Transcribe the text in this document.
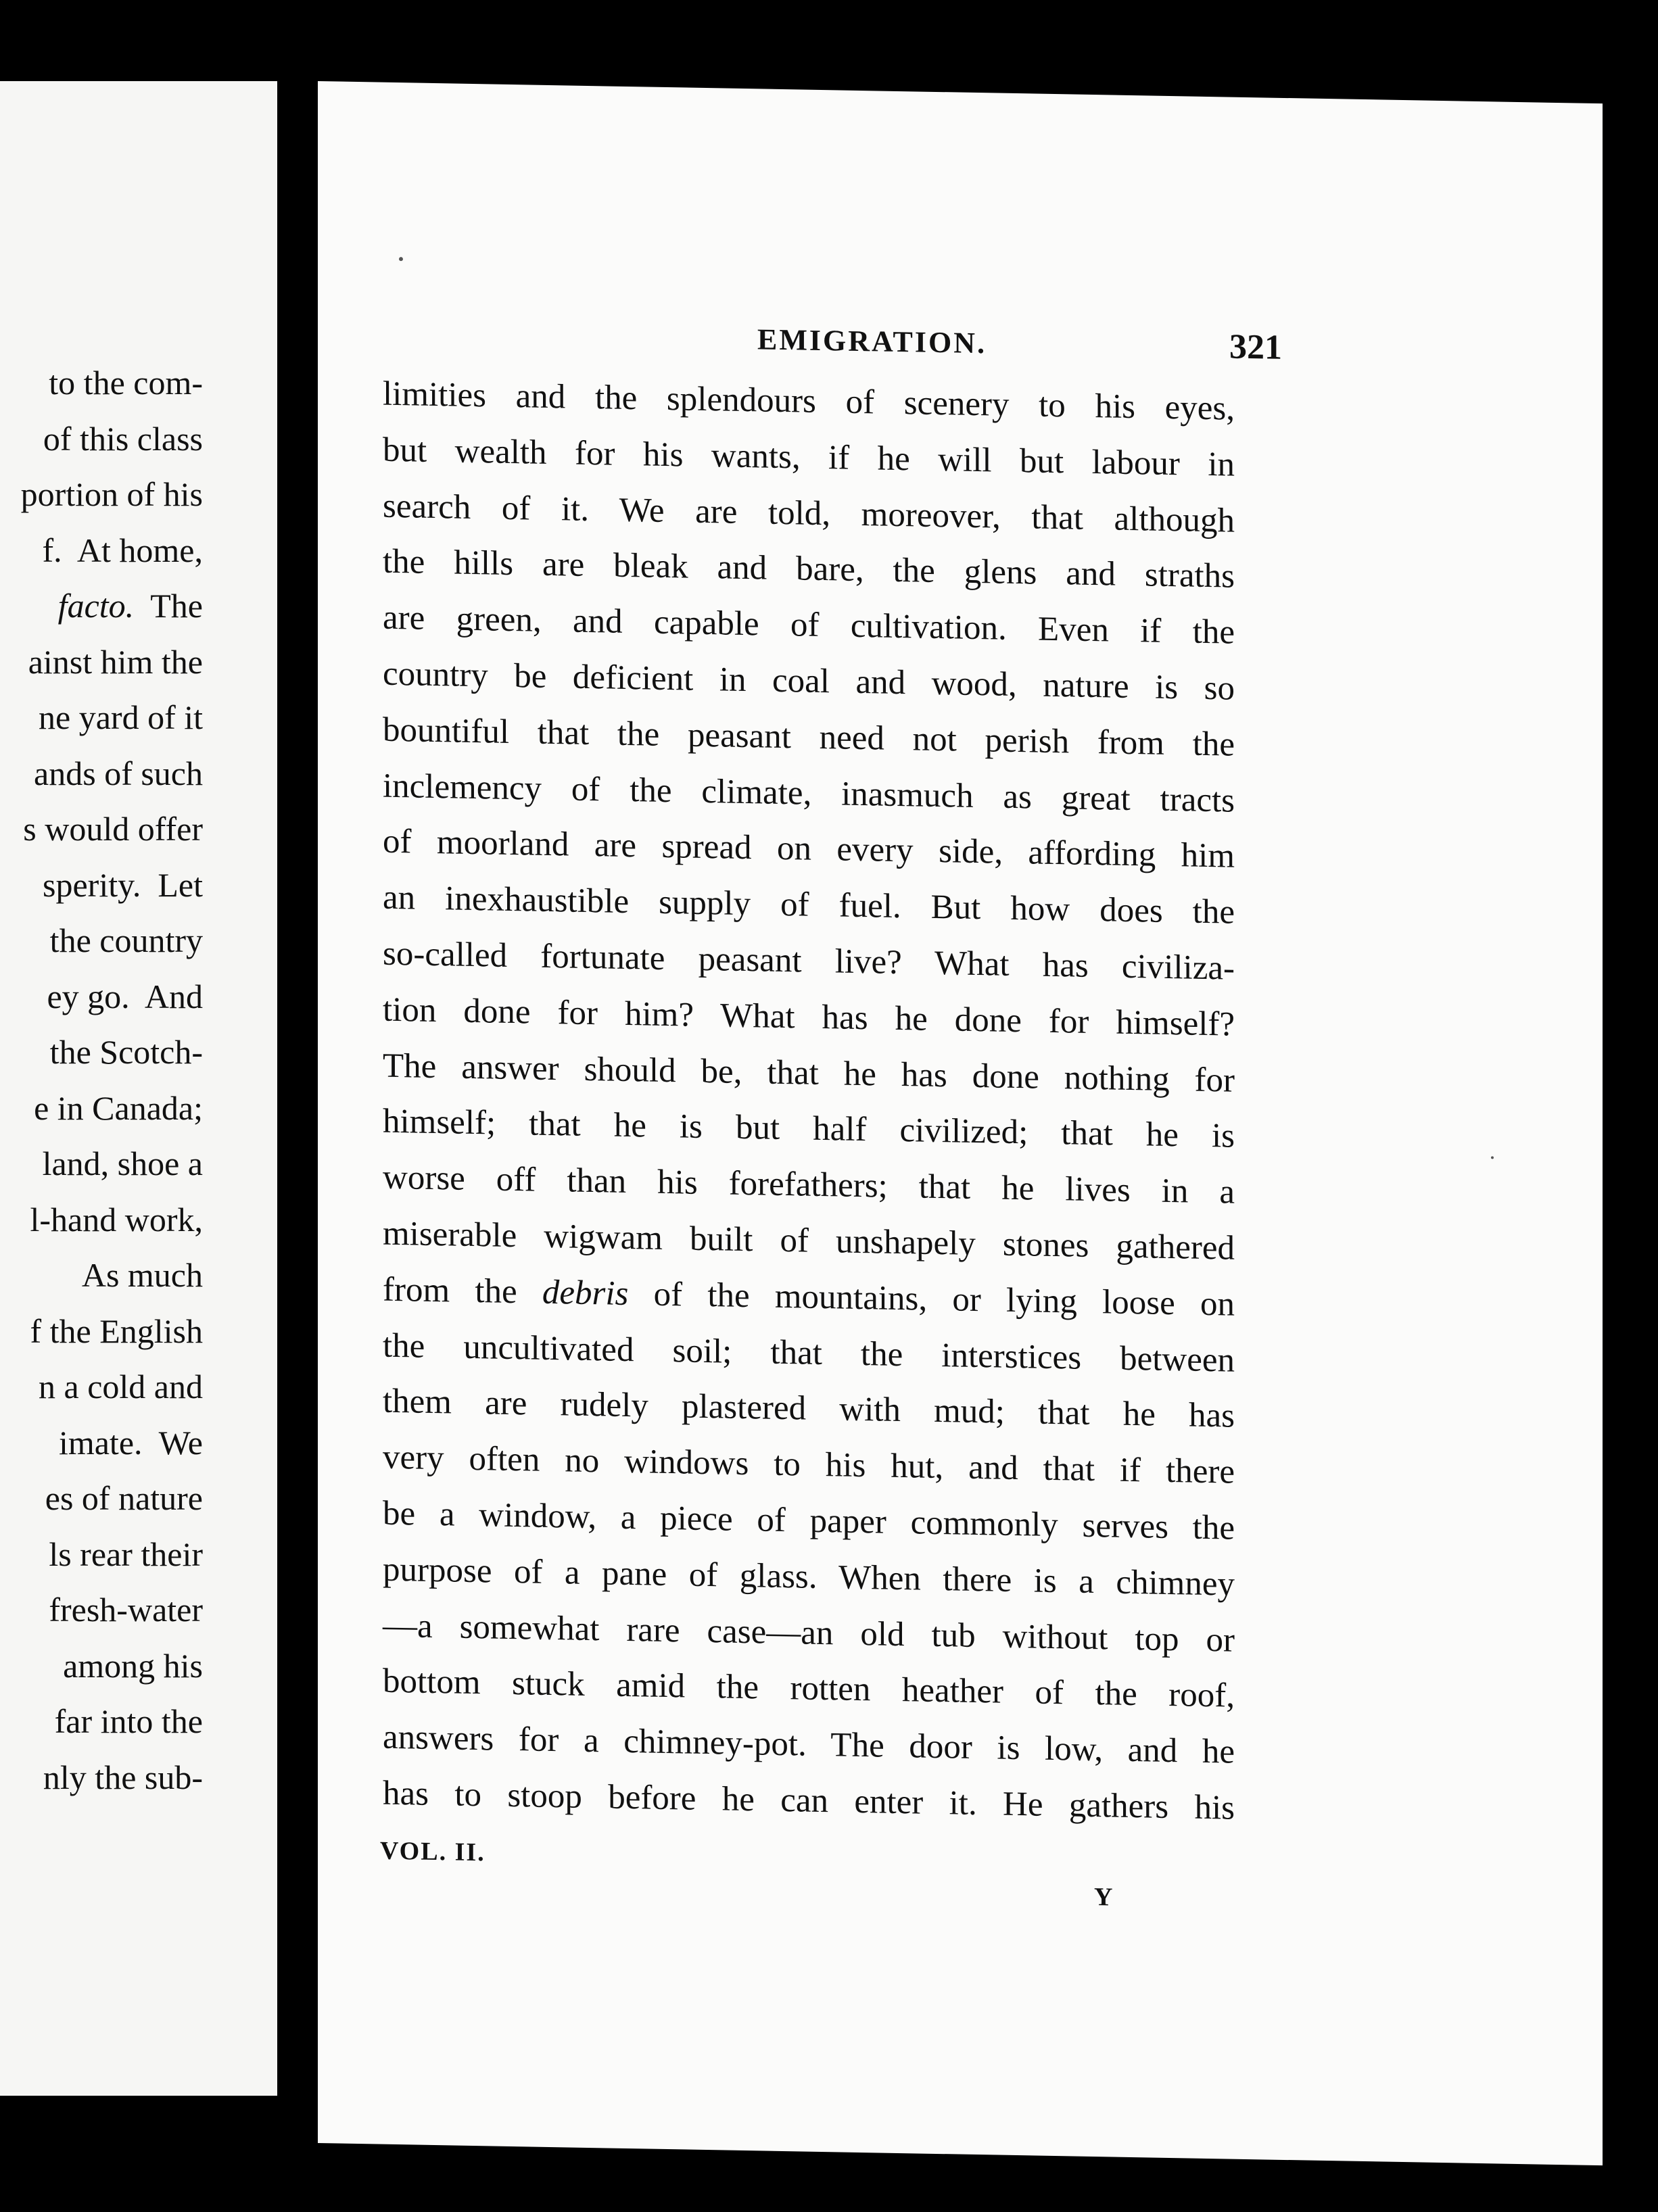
to the com-
of this class
portion of his
f.  At home,
facto.  The
ainst him the
ne yard of it
ands of such
s would offer
sperity.  Let
the country
ey go.  And
the Scotch-
e in Canada;
land, shoe a
l-hand work,
As much
f the English
n a cold and
imate.  We
es of nature
ls rear their
fresh-water
among his
far into the
nly the sub-
EMIGRATION.	321
limities and the splendours of scenery to his eyes,
but wealth for his wants, if he will but labour in
search of it. We are told, moreover, that although
the hills are bleak and bare, the glens and straths
are green, and capable of cultivation. Even if the
country be deficient in coal and wood, nature is so
bountiful that the peasant need not perish from the
inclemency of the climate, inasmuch as great tracts
of moorland are spread on every side, affording him
an inexhaustible supply of fuel. But how does the
so-called fortunate peasant live? What has civiliza-
tion done for him? What has he done for himself?
The answer should be, that he has done nothing for
himself; that he is but half civilized; that he is
worse off than his forefathers; that he lives in a
miserable wigwam built of unshapely stones gathered
from the debris of the mountains, or lying loose on
the uncultivated soil; that the interstices between
them are rudely plastered with mud; that he has
very often no windows to his hut, and that if there
be a window, a piece of paper commonly serves the
purpose of a pane of glass. When there is a chimney
—a somewhat rare case—an old tub without top or
bottom stuck amid the rotten heather of the roof,
answers for a chimney-pot. The door is low, and he
has to stoop before he can enter it. He gathers his
VOL. II.
Y
